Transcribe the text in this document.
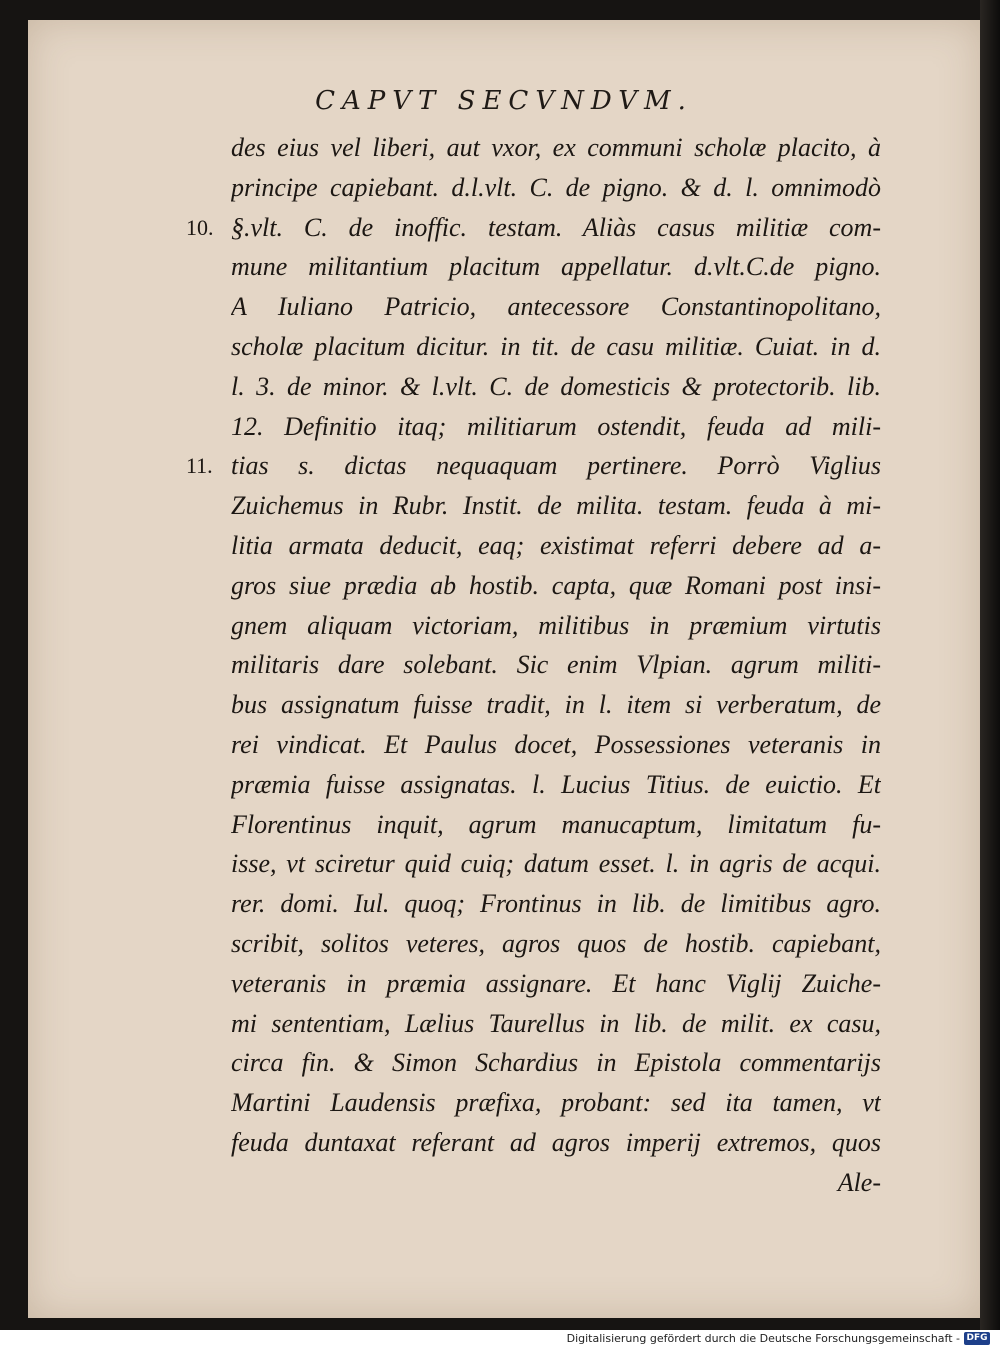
CAPVT SECVNDVM.
des eius vel liberi, aut vxor, ex communi scholæ placito, à
principe capiebant. d.l.vlt. C. de pigno. & d. l. omnimodò
10. §.vlt. C. de inoffic. testam. Aliàs casus militiæ com-
mune militantium placitum appellatur. d.vlt.C.de pigno.
A Iuliano Patricio, antecessore Constantinopolitano,
scholæ placitum dicitur. in tit. de casu militiæ. Cuiat. in d.
l. 3. de minor. & l.vlt. C. de domesticis & protectorib. lib.
12. Definitio itaq; militiarum ostendit, feuda ad mili-
11. tias s. dictas nequaquam pertinere. Porrò Viglius
Zuichemus in Rubr. Instit. de milita. testam. feuda à mi-
litia armata deducit, eaq; existimat referri debere ad a-
gros siue prædia ab hostib. capta, quæ Romani post insi-
gnem aliquam victoriam, militibus in præmium virtutis
militaris dare solebant. Sic enim Vlpian. agrum militi-
bus assignatum fuisse tradit, in l. item si verberatum, de
rei vindicat. Et Paulus docet, Possessiones veteranis in
præmia fuisse assignatas. l. Lucius Titius. de euictio. Et
Florentinus inquit, agrum manucaptum, limitatum fu-
isse, vt sciretur quid cuiq; datum esset. l. in agris de acqui.
rer. domi. Iul. quoq; Frontinus in lib. de limitibus agro.
scribit, solitos veteres, agros quos de hostib. capiebant,
veteranis in præmia assignare. Et hanc Viglij Zuiche-
mi sententiam, Lælius Taurellus in lib. de milit. ex casu,
circa fin. & Simon Schardius in Epistola commentarijs
Martini Laudensis præfixa, probant: sed ita tamen, vt
feuda duntaxat referant ad agros imperij extremos, quos
Ale-
Digitalisierung gefördert durch die Deutsche Forschungsgemeinschaft - DFG
